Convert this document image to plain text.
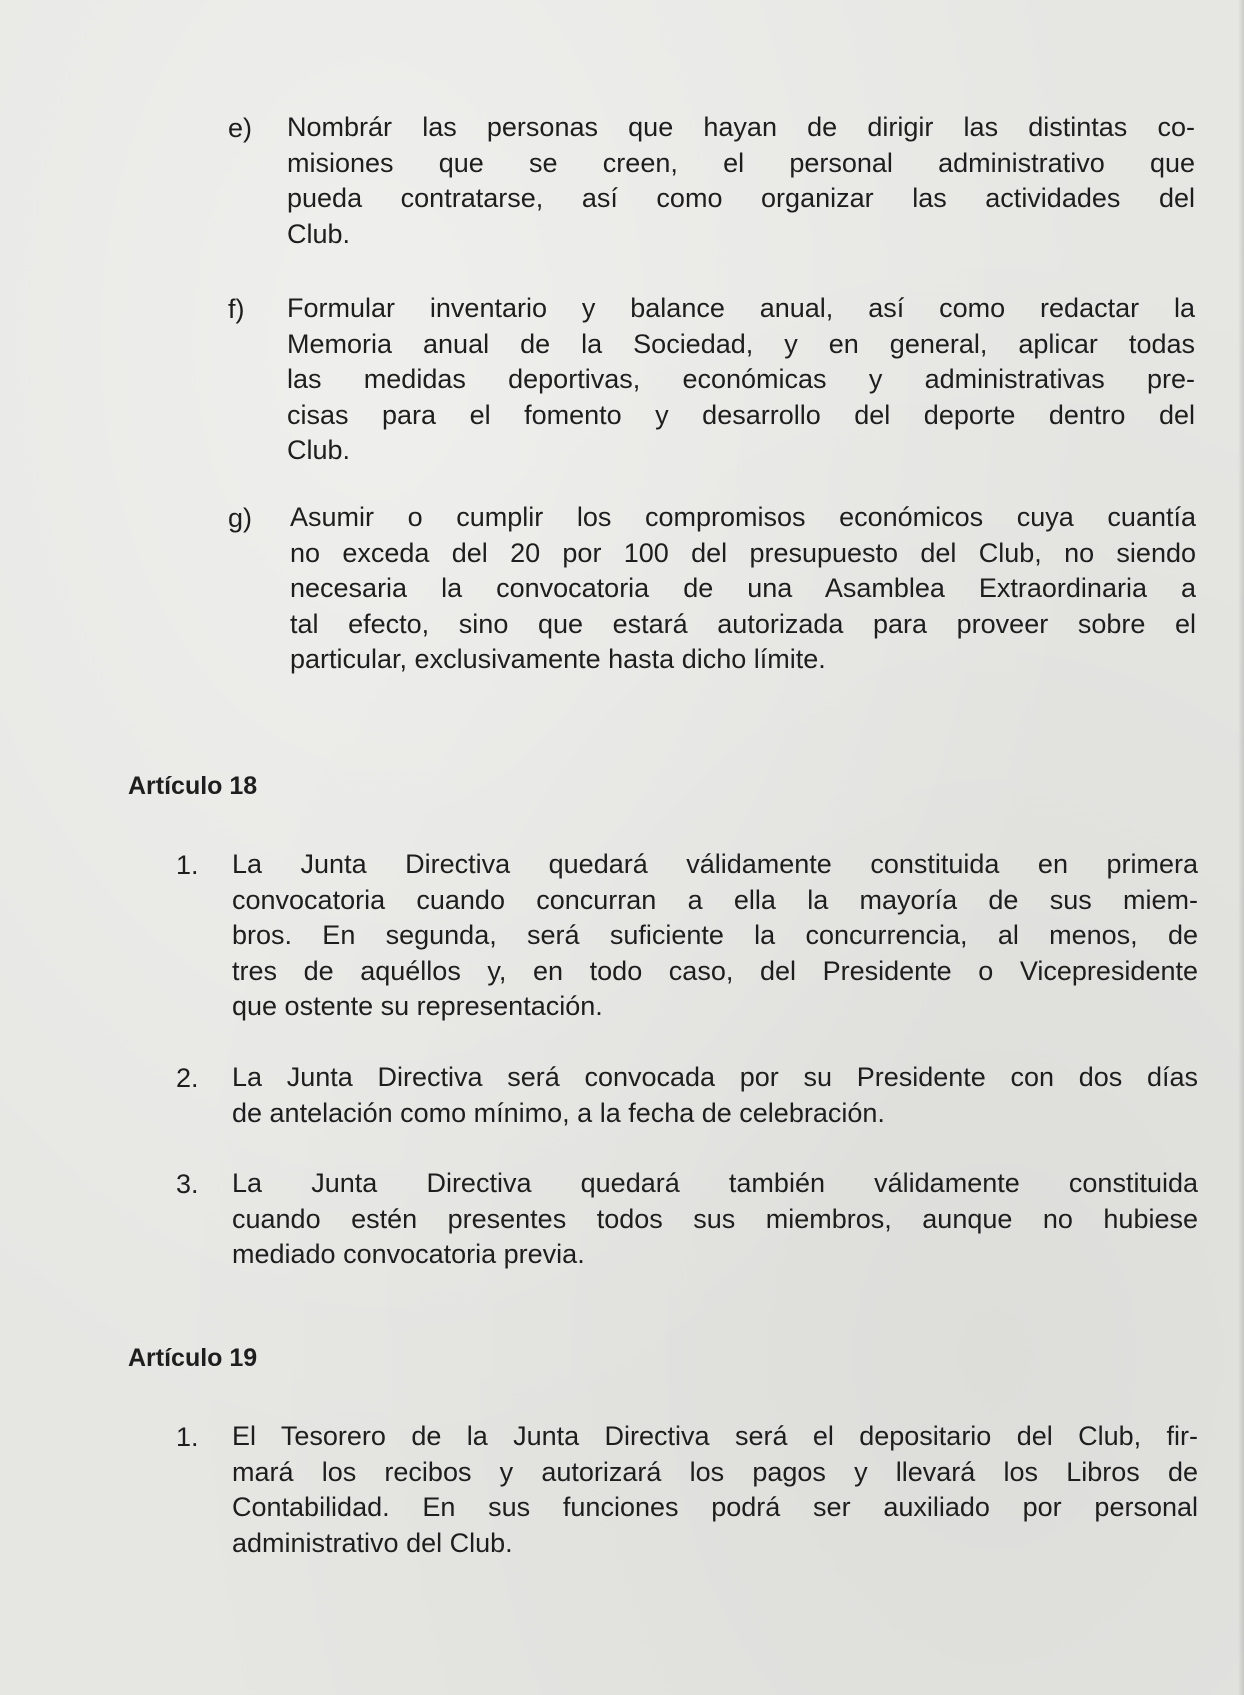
e) Nombrár las personas que hayan de dirigir las distintas co-
misiones que se creen, el personal administrativo que
pueda contratarse, así como organizar las actividades del
Club.
f) Formular inventario y balance anual, así como redactar la
Memoria anual de la Sociedad, y en general, aplicar todas
las medidas deportivas, económicas y administrativas pre-
cisas para el fomento y desarrollo del deporte dentro del
Club.
g) Asumir o cumplir los compromisos económicos cuya cuantía
no exceda del 20 por 100 del presupuesto del Club, no siendo
necesaria la convocatoria de una Asamblea Extraordinaria a
tal efecto, sino que estará autorizada para proveer sobre el
particular, exclusivamente hasta dicho límite.
Artículo 18
1. La Junta Directiva quedará válidamente constituida en primera
convocatoria cuando concurran a ella la mayoría de sus miem-
bros. En segunda, será suficiente la concurrencia, al menos, de
tres de aquéllos y, en todo caso, del Presidente o Vicepresidente
que ostente su representación.
2. La Junta Directiva será convocada por su Presidente con dos días
de antelación como mínimo, a la fecha de celebración.
3. La Junta Directiva quedará también válidamente constituida
cuando estén presentes todos sus miembros, aunque no hubiese
mediado convocatoria previa.
Artículo 19
1. El Tesorero de la Junta Directiva será el depositario del Club, fir-
mará los recibos y autorizará los pagos y llevará los Libros de
Contabilidad. En sus funciones podrá ser auxiliado por personal
administrativo del Club.
